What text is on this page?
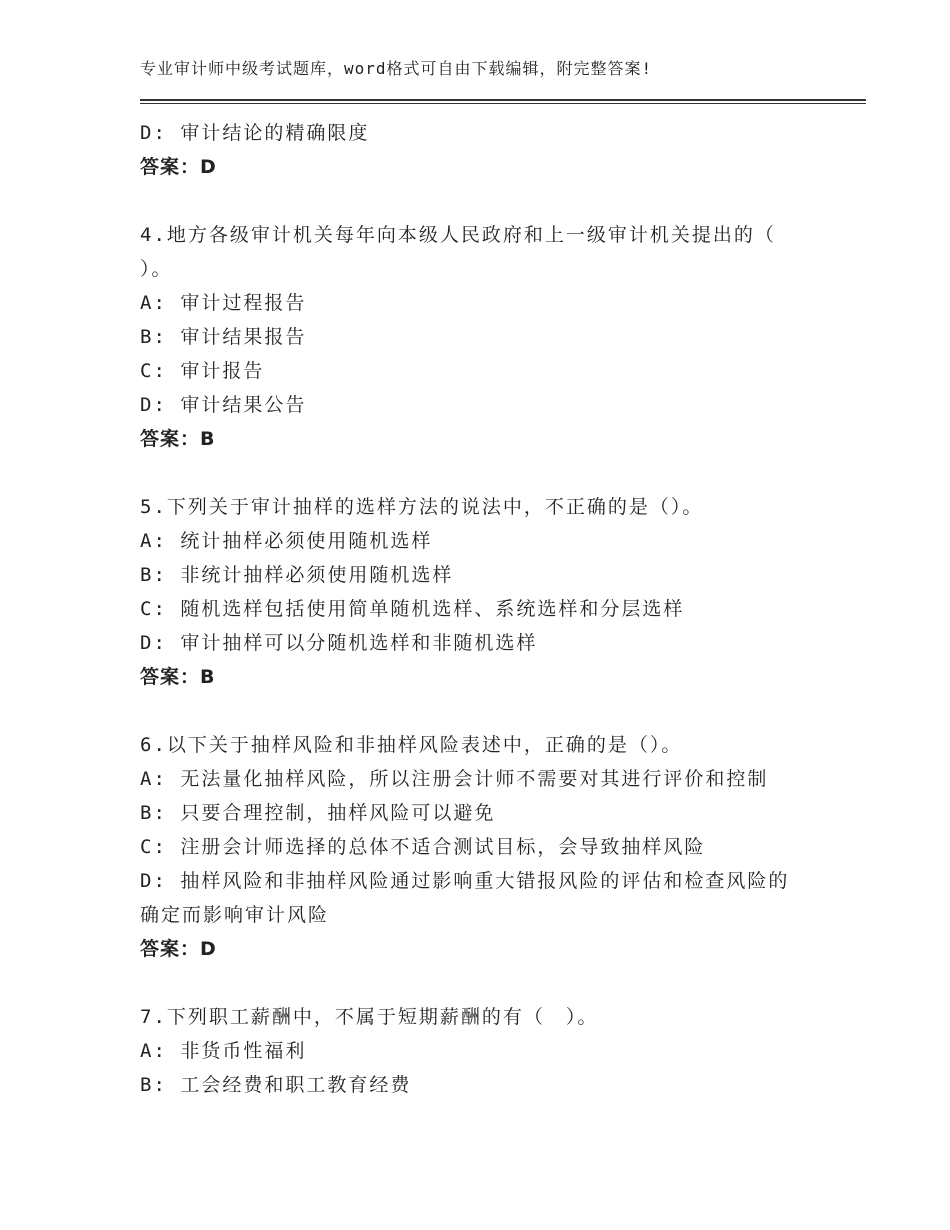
专业审计师中级考试题库，word格式可自由下载编辑，附完整答案!
D: 审计结论的精确限度
答案：D
4.地方各级审计机关每年向本级人民政府和上一级审计机关提出的（
）。
A: 审计过程报告
B: 审计结果报告
C: 审计报告
D: 审计结果公告
答案：B
5.下列关于审计抽样的选样方法的说法中，不正确的是（）。
A: 统计抽样必须使用随机选样
B: 非统计抽样必须使用随机选样
C: 随机选样包括使用简单随机选样、系统选样和分层选样
D: 审计抽样可以分随机选样和非随机选样
答案：B
6.以下关于抽样风险和非抽样风险表述中，正确的是（）。
A: 无法量化抽样风险，所以注册会计师不需要对其进行评价和控制
B: 只要合理控制，抽样风险可以避免
C: 注册会计师选择的总体不适合测试目标，会导致抽样风险
D: 抽样风险和非抽样风险通过影响重大错报风险的评估和检查风险的
确定而影响审计风险
答案：D
7.下列职工薪酬中，不属于短期薪酬的有（　）。
A: 非货币性福利
B: 工会经费和职工教育经费
